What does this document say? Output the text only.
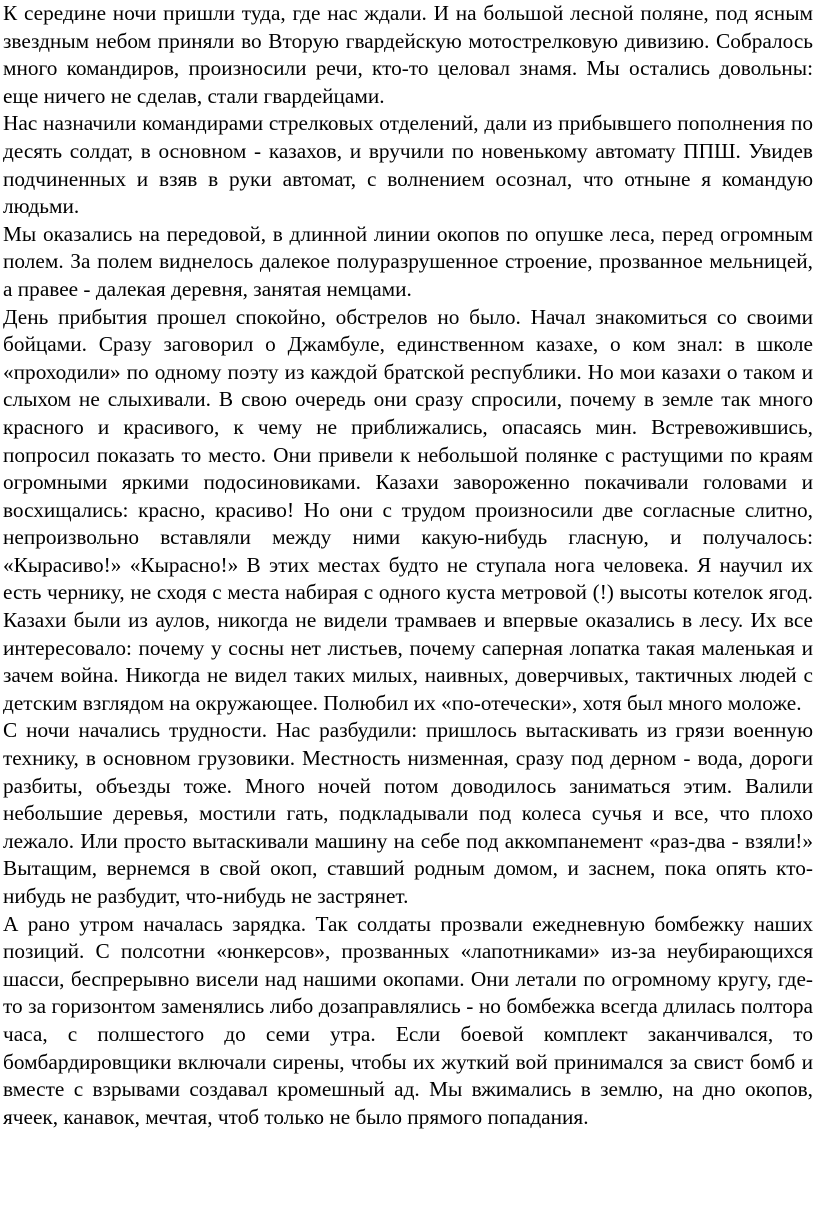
К середине ночи пришли туда, где нас ждали. И на большой лесной поляне, под ясным звездным небом приняли во Вторую гвардейскую мотострелковую дивизию. Собралось много командиров, произносили речи, кто-то целовал знамя. Мы остались довольны: еще ничего не сделав, стали гвардейцами.

Нас назначили командирами стрелковых отделений, дали из прибывшего пополнения по десять солдат, в основном - казахов, и вручили по новенькому автомату ППШ. Увидев подчиненных и взяв в руки автомат, с волнением осознал, что отныне я командую людьми.

Мы оказались на передовой, в длинной линии окопов по опушке леса, перед огромным полем. За полем виднелось далекое полуразрушенное строение, прозванное мельницей, а правее - далекая деревня, занятая немцами.

День прибытия прошел спокойно, обстрелов но было. Начал знакомиться со своими бойцами. Сразу заговорил о Джамбуле, единственном казахе, о ком знал: в школе «проходили» по одному поэту из каждой братской республики. Но мои казахи о таком и слыхом не слыхивали. В свою очередь они сразу спросили, почему в земле так много красного и красивого, к чему не приближались, опасаясь мин. Встревожившись, попросил показать то место. Они привели к небольшой полянке с растущими по краям огромными яркими подосиновиками. Казахи завороженно покачивали головами и восхищались: красно, красиво! Но они с трудом произносили две согласные слитно, непроизвольно вставляли между ними какую-нибудь гласную, и получалось: «Кырасиво!» «Кырасно!» В этих местах будто не ступала нога человека. Я научил их есть чернику, не сходя с места набирая с одного куста метровой (!) высоты котелок ягод. Казахи были из аулов, никогда не видели трамваев и впервые оказались в лесу. Их все интересовало: почему у сосны нет листьев, почему саперная лопатка такая маленькая и зачем война. Никогда не видел таких милых, наивных, доверчивых, тактичных людей с детским взглядом на окружающее. Полюбил их «по-отечески», хотя был много моложе.

С ночи начались трудности. Нас разбудили: пришлось вытаскивать из грязи военную технику, в основном грузовики. Местность низменная, сразу под дерном - вода, дороги разбиты, объезды тоже. Много ночей потом доводилось заниматься этим. Валили небольшие деревья, мостили гать, подкладывали под колеса сучья и все, что плохо лежало. Или просто вытаскивали машину на себе под аккомпанемент «раз-два - взяли!» Вытащим, вернемся в свой окоп, ставший родным домом, и заснем, пока опять кто-нибудь не разбудит, что-нибудь не застрянет.

А рано утром началась зарядка. Так солдаты прозвали ежедневную бомбежку наших позиций. С полсотни «юнкерсов», прозванных «лапотниками» из-за неубирающихся шасси, беспрерывно висели над нашими окопами. Они летали по огромному кругу, где-то за горизонтом заменялись либо дозаправлялись - но бомбежка всегда длилась полтора часа, с полшестого до семи утра. Если боевой комплект заканчивался, то бомбардировщики включали сирены, чтобы их жуткий вой принимался за свист бомб и вместе с взрывами создавал кромешный ад. Мы вжимались в землю, на дно окопов, ячеек, канавок, мечтая, чтоб только не было прямого попадания.
